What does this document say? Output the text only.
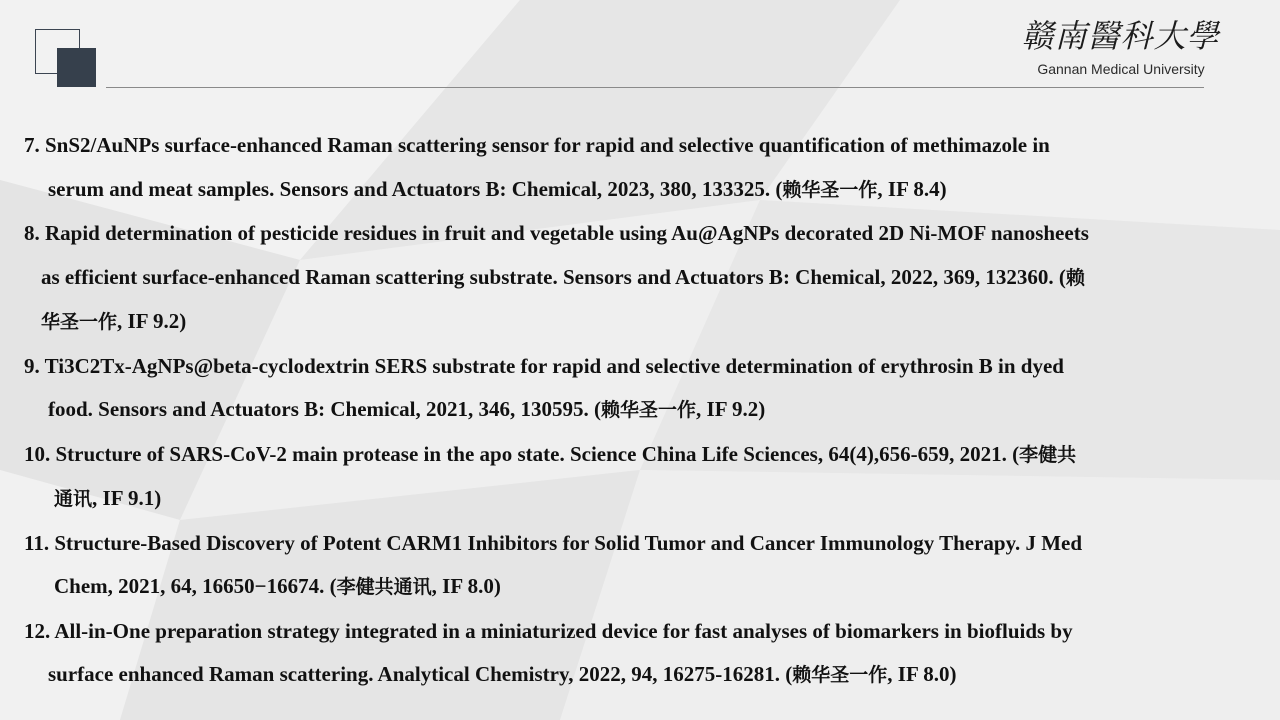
赣南醫科大學
Gannan Medical University

7. SnS2/AuNPs surface-enhanced Raman scattering sensor for rapid and selective quantification of methimazole in

serum and meat samples. Sensors and Actuators B: Chemical, 2023, 380, 133325. (赖华圣一作, IF 8.4)

8. Rapid determination of pesticide residues in fruit and vegetable using Au@AgNPs decorated 2D Ni-MOF nanosheets

as efficient surface-enhanced Raman scattering substrate. Sensors and Actuators B: Chemical, 2022, 369, 132360. (赖

华圣一作, IF 9.2)

9. Ti3C2Tx-AgNPs@beta-cyclodextrin SERS substrate for rapid and selective determination of erythrosin B in dyed

food. Sensors and Actuators B: Chemical, 2021, 346, 130595. (赖华圣一作, IF 9.2)

10. Structure of SARS-CoV-2 main protease in the apo state. Science China Life Sciences, 64(4),656-659, 2021. (李健共

通讯, IF 9.1)

11. Structure-Based Discovery of Potent CARM1 Inhibitors for Solid Tumor and Cancer Immunology Therapy. J Med

Chem, 2021, 64, 16650−16674. (李健共通讯, IF 8.0)

12. All-in-One preparation strategy integrated in a miniaturized device for fast analyses of biomarkers in biofluids by

surface enhanced Raman scattering. Analytical Chemistry, 2022, 94, 16275-16281. (赖华圣一作, IF 8.0)
